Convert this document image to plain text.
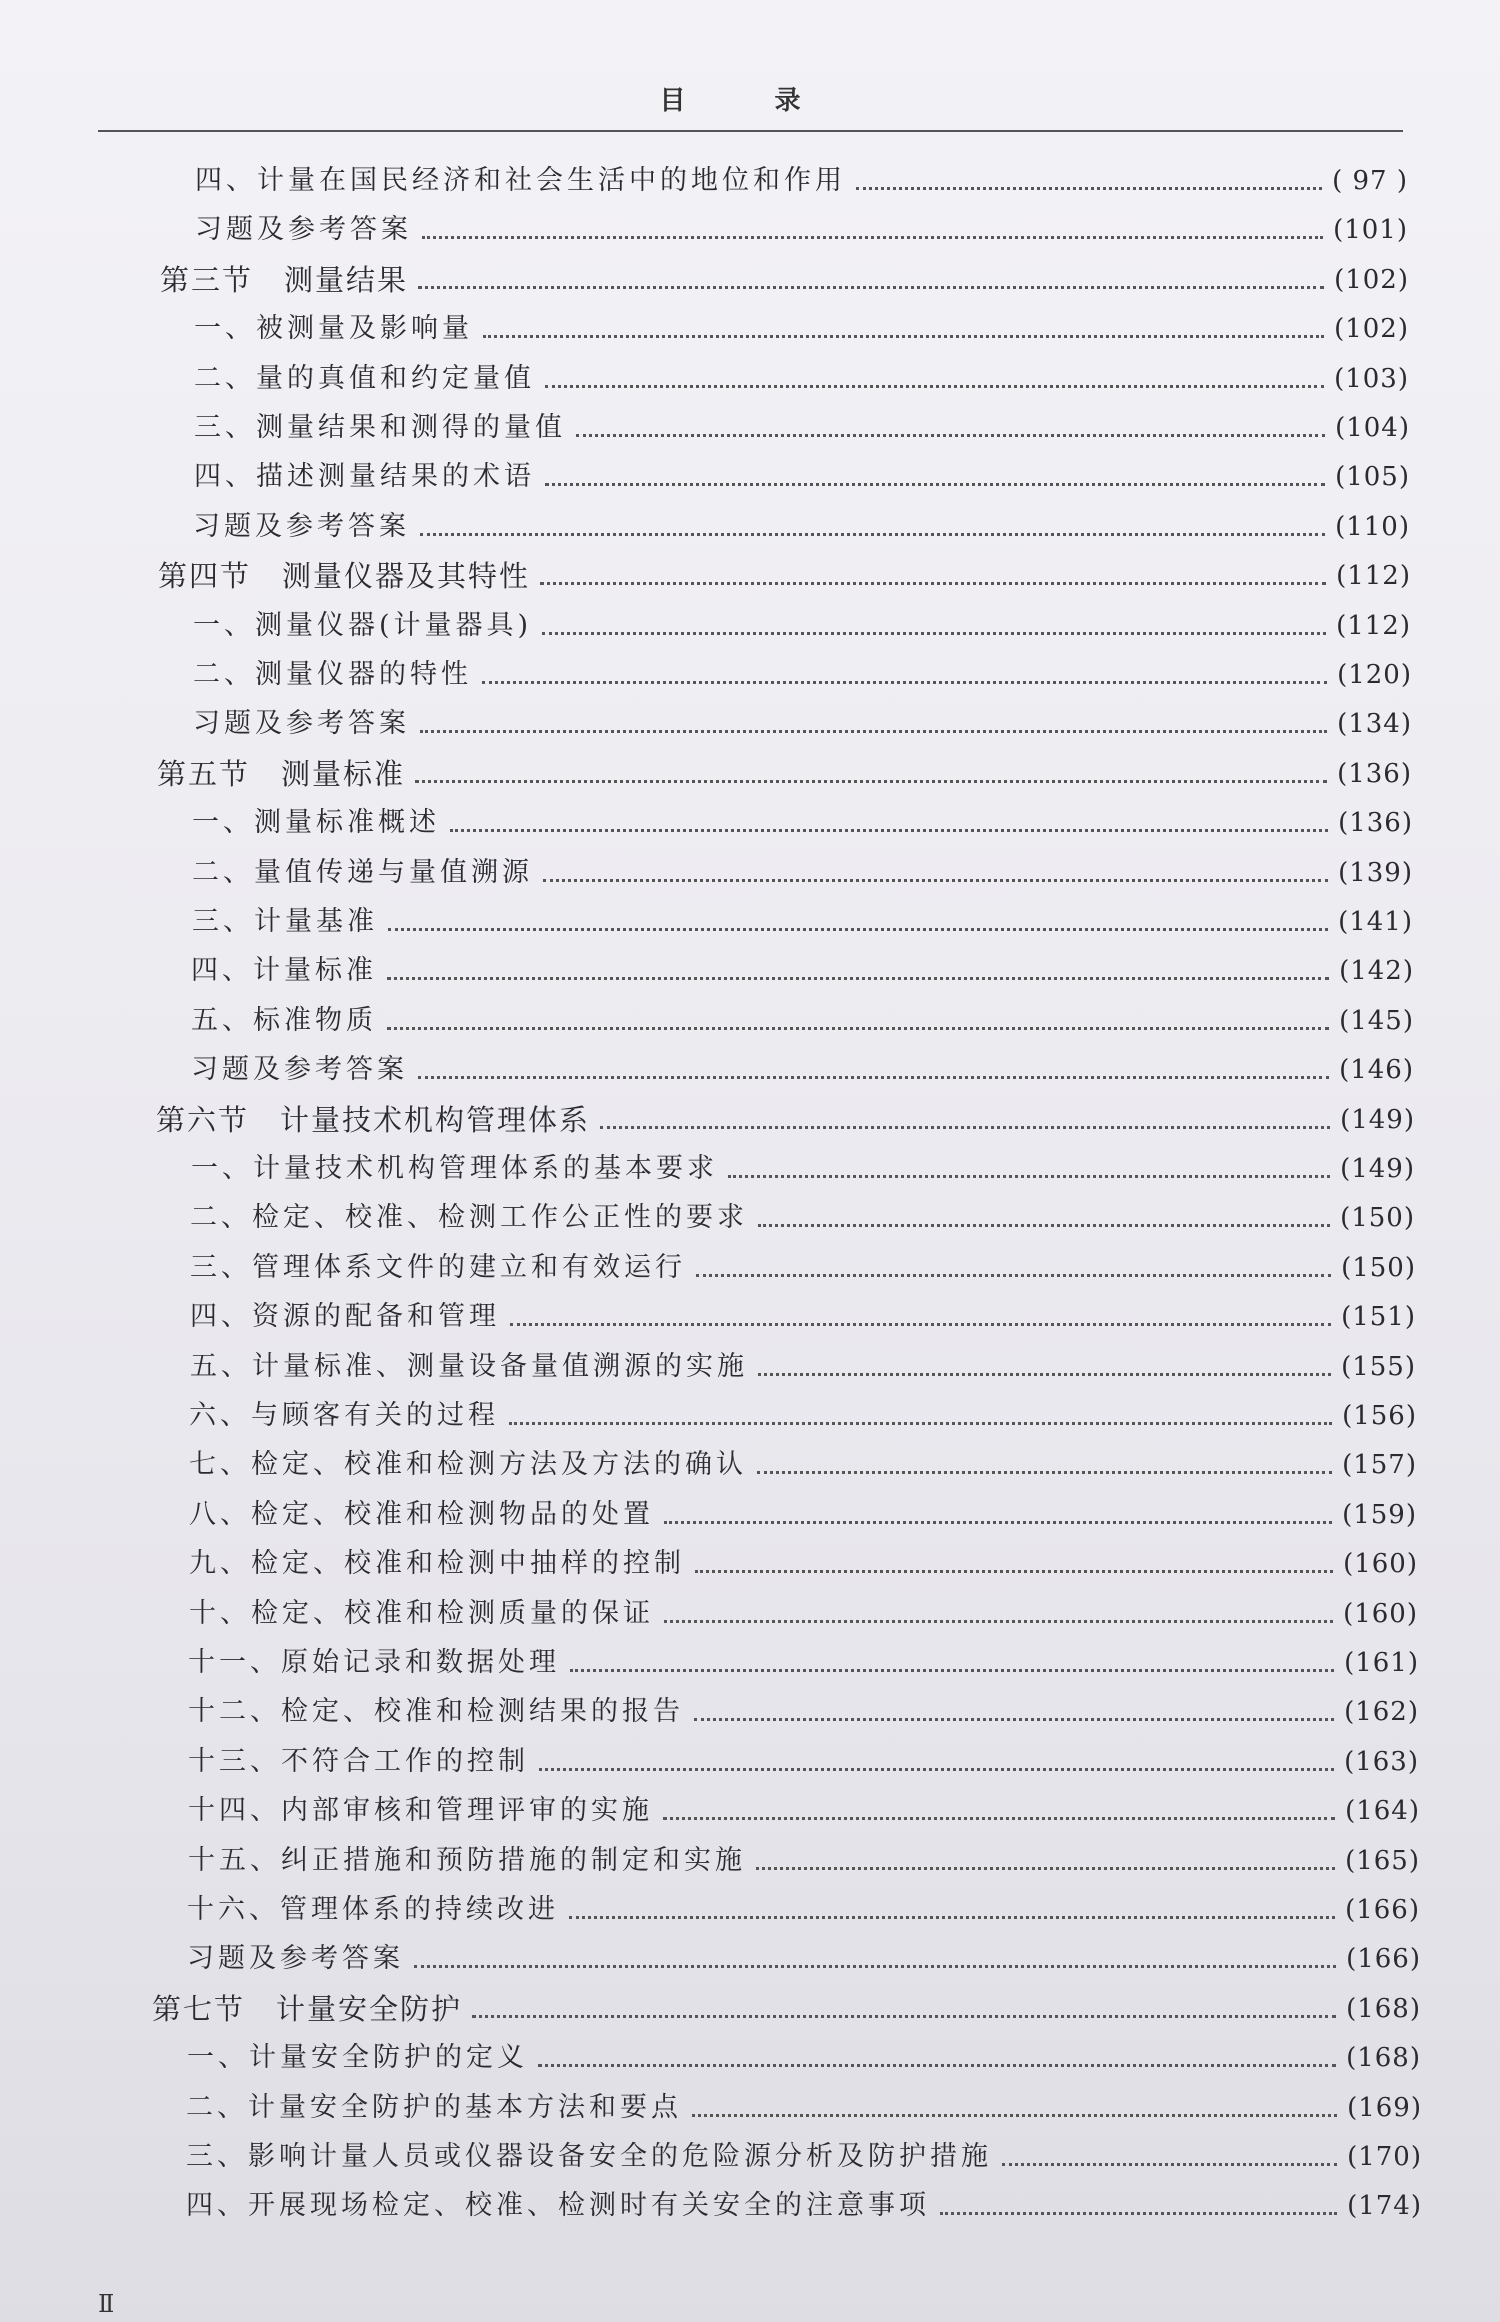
目 录
四、计量在国民经济和社会生活中的地位和作用	( 97 )
习题及参考答案	(101)
第三节　测量结果	(102)
一、被测量及影响量	(102)
二、量的真值和约定量值	(103)
三、测量结果和测得的量值	(104)
四、描述测量结果的术语	(105)
习题及参考答案	(110)
第四节　测量仪器及其特性	(112)
一、测量仪器(计量器具)	(112)
二、测量仪器的特性	(120)
习题及参考答案	(134)
第五节　测量标准	(136)
一、测量标准概述	(136)
二、量值传递与量值溯源	(139)
三、计量基准	(141)
四、计量标准	(142)
五、标准物质	(145)
习题及参考答案	(146)
第六节　计量技术机构管理体系	(149)
一、计量技术机构管理体系的基本要求	(149)
二、检定、校准、检测工作公正性的要求	(150)
三、管理体系文件的建立和有效运行	(150)
四、资源的配备和管理	(151)
五、计量标准、测量设备量值溯源的实施	(155)
六、与顾客有关的过程	(156)
七、检定、校准和检测方法及方法的确认	(157)
八、检定、校准和检测物品的处置	(159)
九、检定、校准和检测中抽样的控制	(160)
十、检定、校准和检测质量的保证	(160)
十一、原始记录和数据处理	(161)
十二、检定、校准和检测结果的报告	(162)
十三、不符合工作的控制	(163)
十四、内部审核和管理评审的实施	(164)
十五、纠正措施和预防措施的制定和实施	(165)
十六、管理体系的持续改进	(166)
习题及参考答案	(166)
第七节　计量安全防护	(168)
一、计量安全防护的定义	(168)
二、计量安全防护的基本方法和要点	(169)
三、影响计量人员或仪器设备安全的危险源分析及防护措施	(170)
四、开展现场检定、校准、检测时有关安全的注意事项	(174)
Ⅱ
